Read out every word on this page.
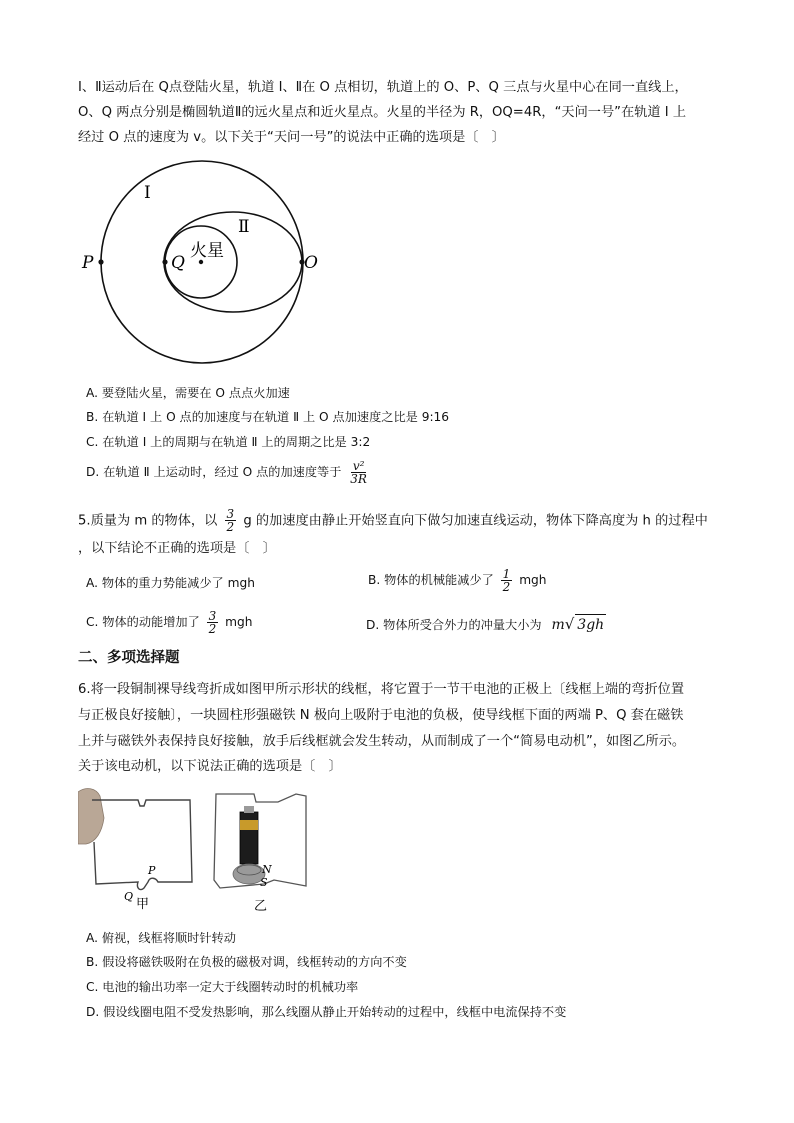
Ⅰ、Ⅱ运动后在 Q点登陆火星，轨道 Ⅰ、Ⅱ在 O 点相切，轨道上的 O、P、Q 三点与火星中心在同一直线上，
O、Q 两点分别是椭圆轨道Ⅱ的远火星点和近火星点。火星的半径为 R，OQ=4R，“天问一号”在轨道 Ⅰ 上
经过 O 点的速度为 v。以下关于“天问一号”的说法中正确的选项是〔　〕
Ⅰ
Ⅱ
火星
P	Q	O
A. 要登陆火星，需要在 O 点点火加速
B. 在轨道 Ⅰ 上 O 点的加速度与在轨道 Ⅱ 上 O 点加速度之比是 9:16
C. 在轨道 Ⅰ 上的周期与在轨道 Ⅱ 上的周期之比是 3:2
D. 在轨道 Ⅱ 上运动时，经过 O 点的加速度等于 $\frac{\text{v²}}{3R}$
5.质量为 m 的物体，以 $\frac{3}{2}$ g 的加速度由静止开始竖直向下做匀加速直线运动，物体下降高度为 h 的过程中
，以下结论不正确的选项是〔　〕
A. 物体的重力势能减少了 mgh	B. 物体的机械能减少了 $\frac{1}{2}$ mgh
C. 物体的动能增加了 $\frac{3}{2}$ mgh	D. 物体所受合外力的冲量大小为 m√ 3gh
二、多项选择题
6.将一段铜制裸导线弯折成如图甲所示形状的线框，将它置于一节干电池的正极上〔线框上端的弯折位置
与正极良好接触〕，一块圆柱形强磁铁 N 极向上吸附于电池的负极，使导线框下面的两端 P、Q 套在磁铁
上并与磁铁外表保持良好接触，放手后线框就会发生转动，从而制成了一个“简易电动机”，如图乙所示。
关于该电动机，以下说法正确的选项是〔　〕
P
Q
甲
N
S
乙
A. 俯视，线框将顺时针转动
B. 假设将磁铁吸附在负极的磁极对调，线框转动的方向不变
C. 电池的输出功率一定大于线圈转动时的机械功率
D. 假设线圈电阻不受发热影响，那么线圈从静止开始转动的过程中，线框中电流保持不变
